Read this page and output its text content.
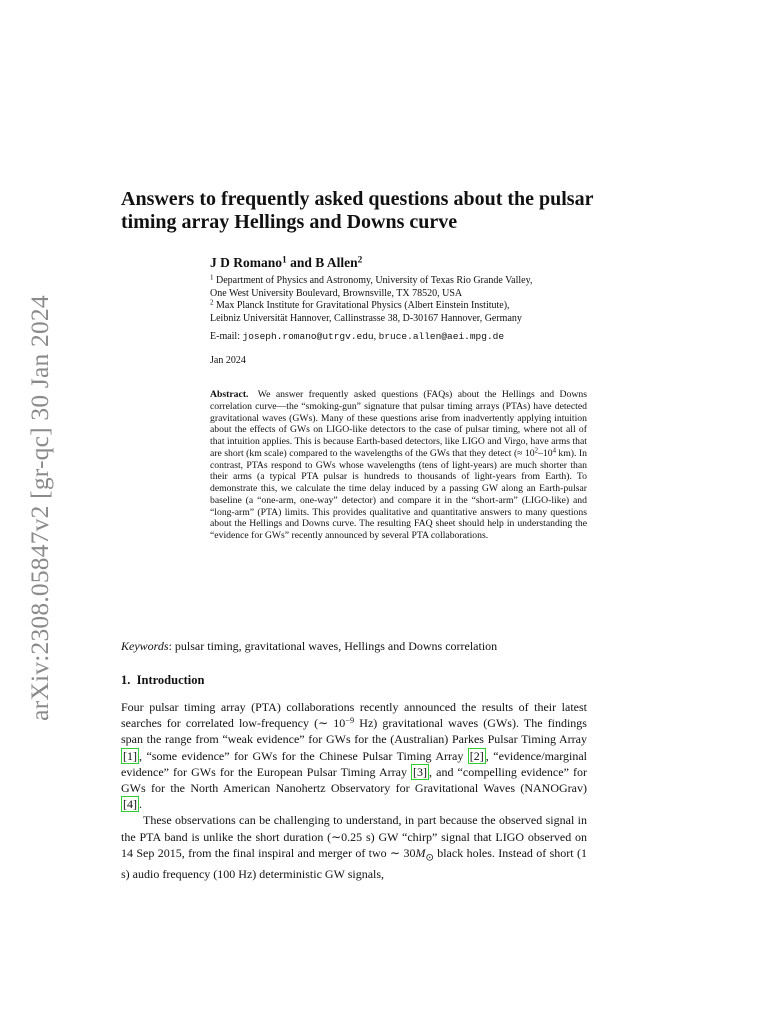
arXiv:2308.05847v2 [gr-qc] 30 Jan 2024
Answers to frequently asked questions about the pulsar timing array Hellings and Downs curve
J D Romano$^1$ and B Allen$^2$
$^1$ Department of Physics and Astronomy, University of Texas Rio Grande Valley,
One West University Boulevard, Brownsville, TX 78520, USA
$^2$ Max Planck Institute for Gravitational Physics (Albert Einstein Institute),
Leibniz Universität Hannover, Callinstrasse 38, D-30167 Hannover, Germany
E-mail: joseph.romano@utrgv.edu, bruce.allen@aei.mpg.de
Jan 2024

Abstract. We answer frequently asked questions (FAQs) about the Hellings and Downs correlation curve—the “smoking-gun” signature that pulsar timing arrays (PTAs) have detected gravitational waves (GWs). Many of these questions arise from inadvertently applying intuition about the effects of GWs on LIGO-like detectors to the case of pulsar timing, where not all of that intuition applies. This is because Earth-based detectors, like LIGO and Virgo, have arms that are short (km scale) compared to the wavelengths of the GWs that they detect (≈ $10^2-10^4$ km). In contrast, PTAs respond to GWs whose wavelengths (tens of light-years) are much shorter than their arms (a typical PTA pulsar is hundreds to thousands of light-years from Earth). To demonstrate this, we calculate the time delay induced by a passing GW along an Earth-pulsar baseline (a “one-arm, one-way” detector) and compare it in the “short-arm” (LIGO-like) and “long-arm” (PTA) limits. This provides qualitative and quantitative answers to many questions about the Hellings and Downs curve. The resulting FAQ sheet should help in understanding the “evidence for GWs” recently announced by several PTA collaborations.

Keywords: pulsar timing, gravitational waves, Hellings and Downs correlation
1. Introduction

Four pulsar timing array (PTA) collaborations recently announced the results of their latest searches for correlated low-frequency (∼ $10^{-9}$ Hz) gravitational waves (GWs). The findings span the range from “weak evidence” for GWs for the (Australian) Parkes Pulsar Timing Array [1] , “some evidence” for GWs for the Chinese Pulsar Timing Array [2] , “evidence/marginal evidence” for GWs for the European Pulsar Timing Array [3] , and “compelling evidence” for GWs for the North American Nanohertz Observatory for Gravitational Waves (NANOGrav) [4] .

These observations can be challenging to understand, in part because the observed signal in the PTA band is unlike the short duration (∼0.25 s) GW “chirp” signal that LIGO observed on 14 Sep 2015, from the final inspiral and merger of two ∼ $30M_⊙$ black holes. Instead of short (1 s) audio frequency (100 Hz) deterministic GW signals,
